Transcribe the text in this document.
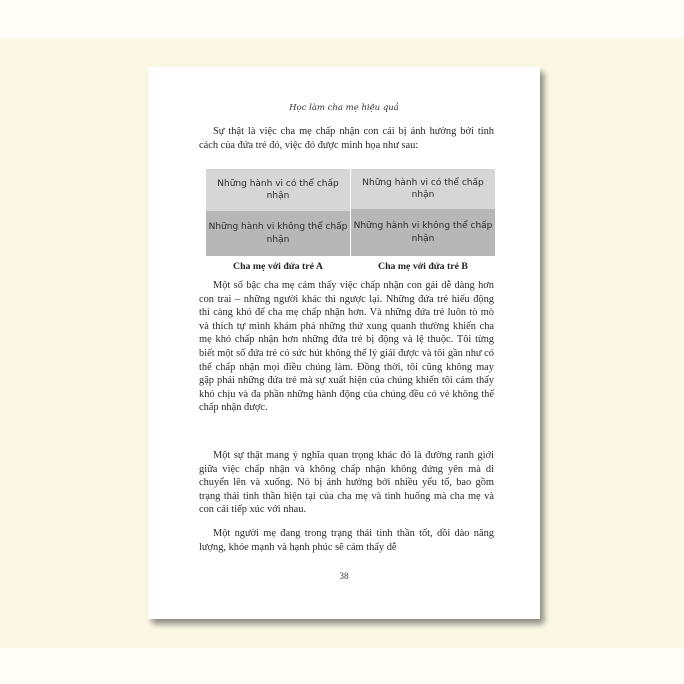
Học làm cha mẹ hiệu quả

Sự thật là việc cha mẹ chấp nhận con cái bị ảnh hưởng bởi tính cách của đứa trẻ đó, việc đó được minh họa như sau:

Những hành vi có thể chấp nhận
Những hành vi không thể chấp nhận
Cha mẹ với đứa trẻ A
Những hành vi có thể chấp nhận
Những hành vi không thể chấp nhận
Cha mẹ với đứa trẻ B

Một số bậc cha mẹ cảm thấy việc chấp nhận con gái dễ dàng hơn con trai – những người khác thì ngược lại. Những đứa trẻ hiếu động thì càng khó để cha mẹ chấp nhận hơn. Và những đứa trẻ luôn tò mò và thích tự mình khám phá những thứ xung quanh thường khiến cha mẹ khó chấp nhận hơn những đứa trẻ bị động và lệ thuộc. Tôi từng biết một số đứa trẻ có sức hút không thể lý giải được và tôi gần như có thể chấp nhận mọi điều chúng làm. Đồng thời, tôi cũng không may gặp phải những đứa trẻ mà sự xuất hiện của chúng khiến tôi cảm thấy khó chịu và đa phần những hành động của chúng đều có vẻ không thể chấp nhận được.

Một sự thật mang ý nghĩa quan trọng khác đó là đường ranh giới giữa việc chấp nhận và không chấp nhận không đứng yên mà di chuyển lên và xuống. Nó bị ảnh hưởng bởi nhiều yếu tố, bao gồm trạng thái tinh thần hiện tại của cha mẹ và tình huống mà cha mẹ và con cái tiếp xúc với nhau.

Một người mẹ đang trong trạng thái tinh thần tốt, dồi dào năng lượng, khỏe mạnh và hạnh phúc sẽ cảm thấy dễ

38
